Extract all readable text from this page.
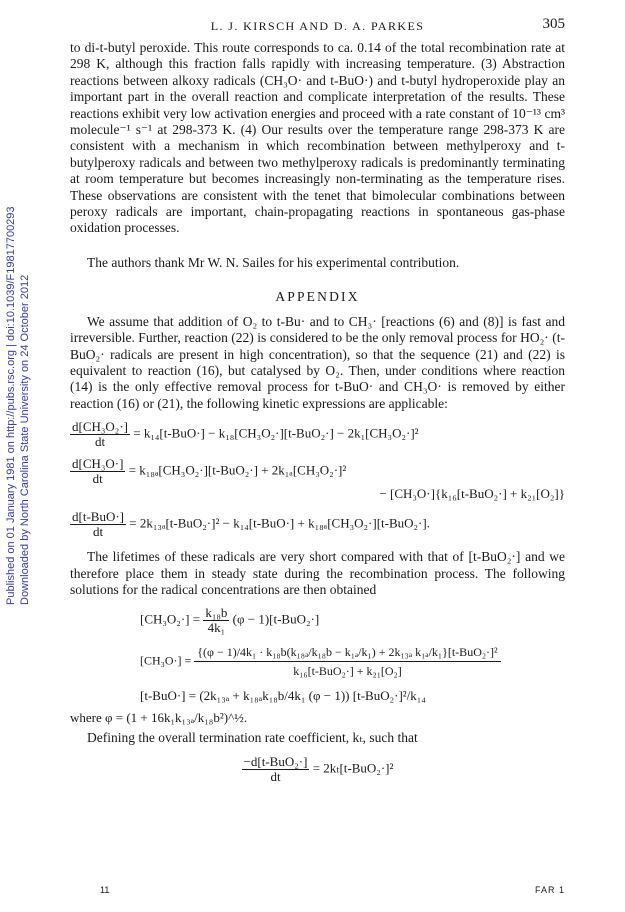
Published on 01 January 1981 on http://pubs.rsc.org | doi:10.1039/F19817700293 Downloaded by North Carolina State University on 24 October 2012
L. J. KIRSCH AND D. A. PARKES	305

to di-t-butyl peroxide. This route corresponds to ca. 0.14 of the total recombination rate at 298 K, although this fraction falls rapidly with increasing temperature. (3) Abstraction reactions between alkoxy radicals (CH₃O· and t-BuO·) and t-butyl hydroperoxide play an important part in the overall reaction and complicate interpretation of the results. These reactions exhibit very low activation energies and proceed with a rate constant of 10⁻¹³ cm³ molecule⁻¹ s⁻¹ at 298-373 K. (4) Our results over the temperature range 298-373 K are consistent with a mechanism in which recombination between methylperoxy and t-butylperoxy radicals and between two methylperoxy radicals is predominantly terminating at room temperature but becomes increasingly non-terminating as the temperature rises. These observations are consistent with the tenet that bimolecular combinations between peroxy radicals are important, chain-propagating reactions in spontaneous gas-phase oxidation processes.

The authors thank Mr W. N. Sailes for his experimental contribution.

APPENDIX

We assume that addition of O₂ to t-Bu· and to CH₃· [reactions (6) and (8)] is fast and irreversible. Further, reaction (22) is considered to be the only removal process for HO₂· (t-BuO₂· radicals are present in high concentration), so that the sequence (21) and (22) is equivalent to reaction (16), but catalysed by O₂. Then, under conditions where reaction (14) is the only effective removal process for t-BuO· and CH₃O· is removed by either reaction (16) or (21), the following kinetic expressions are applicable:

$\frac{\text{d[CH₃O₂·]}}{dt} = k_{14}[t-BuO\cdot] - k_{18}[CH_3O_2\cdot][t-BuO_2\cdot] - 2k_1[CH_3O_2\cdot]^2$
$\frac{\text{d[CH₃O·]}}{dt} = k_{18a}[CH_3O_2\cdot][t-BuO_2\cdot] + 2k_{1a}[CH_3O_2\cdot]^2$
− [CH₃O·]{k₁₆[t-BuO₂·] + k₂₁[O₂]}
$\frac{\text{d[t-BuO·]}}{dt} = 2k_{13a}[t-BuO_2\cdot]^2 - k_{14}[t-BuO\cdot] + k_{18a}[CH_3O_2\cdot][t-BuO_2\cdot]$.

The lifetimes of these radicals are very short compared with that of [t-BuO₂·] and we therefore place them in steady state during the recombination process. The following solutions for the radical concentrations are then obtained

$[CH_3O_2\cdot] = \frac{\text{k₁₈b}}{\text{4k₁}} (\varphi - 1)[t-BuO_2\cdot]$
[CH₃O·] =
{(φ − 1)/4k₁ · k₁₈b(k₁₈ₐ/k₁₈b − k₁ₐ/k₁) + 2k₁₃ₐ k₁ₐ/k₁}[t-BuO₂·]²
k₁₆[t-BuO₂·] + k₂₁[O₂]
[t-BuO·] = (2k₁₃ₐ + k₁₈ₐk₁₈b/4k₁ (φ − 1)) [t-BuO₂·]²/k₁₄
where φ = (1 + 16k₁k₁₃ₐ/k₁₈b²)^½.

Defining the overall termination rate coefficient, kₜ, such that

$\frac{\text{−d[t-BuO₂·]}}{dt} = 2k_t[t-BuO_2\cdot]^2$
11	FAR 1
